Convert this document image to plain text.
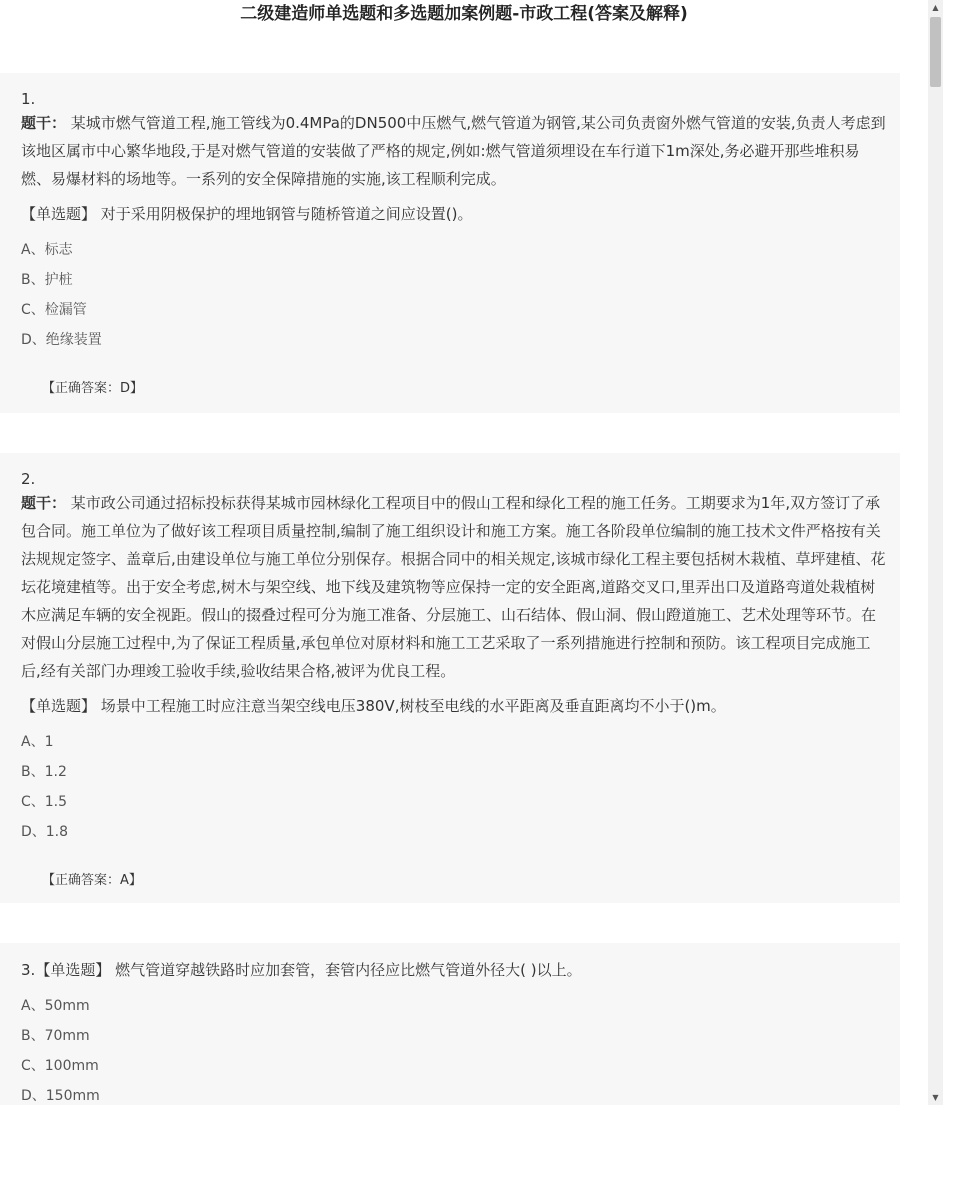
二级建造师单选题和多选题加案例题-市政工程(答案及解释)
1.
题干： 某城市燃气管道工程,施工管线为0.4MPa的DN500中压燃气,燃气管道为钢管,某公司负责窗外燃气管道的安装,负责人考虑到该地区属市中心繁华地段,于是对燃气管道的安装做了严格的规定,例如:燃气管道须埋设在车行道下1m深处,务必避开那些堆积易燃、易爆材料的场地等。一系列的安全保障措施的实施,该工程顺利完成。
【单选题】 对于采用阴极保护的埋地钢管与随桥管道之间应设置()。
A、标志
B、护桩
C、检漏管
D、绝缘装置
【正确答案：D】
2.
题干： 某市政公司通过招标投标获得某城市园林绿化工程项目中的假山工程和绿化工程的施工任务。工期要求为1年,双方签订了承包合同。施工单位为了做好该工程项目质量控制,编制了施工组织设计和施工方案。施工各阶段单位编制的施工技术文件严格按有关法规规定签字、盖章后,由建设单位与施工单位分别保存。根据合同中的相关规定,该城市绿化工程主要包括树木栽植、草坪建植、花坛花境建植等。出于安全考虑,树木与架空线、地下线及建筑物等应保持一定的安全距离,道路交叉口,里弄出口及道路弯道处栽植树木应满足车辆的安全视距。假山的掇叠过程可分为施工准备、分层施工、山石结体、假山洞、假山蹬道施工、艺术处理等环节。在对假山分层施工过程中,为了保证工程质量,承包单位对原材料和施工工艺采取了一系列措施进行控制和预防。该工程项目完成施工后,经有关部门办理竣工验收手续,验收结果合格,被评为优良工程。
【单选题】 场景中工程施工时应注意当架空线电压380V,树枝至电线的水平距离及垂直距离均不小于()m。
A、1
B、1.2
C、1.5
D、1.8
【正确答案：A】
3.【单选题】 燃气管道穿越铁路时应加套管，套管内径应比燃气管道外径大( )以上。
A、50mm
B、70mm
C、100mm
D、150mm
▲
▼
